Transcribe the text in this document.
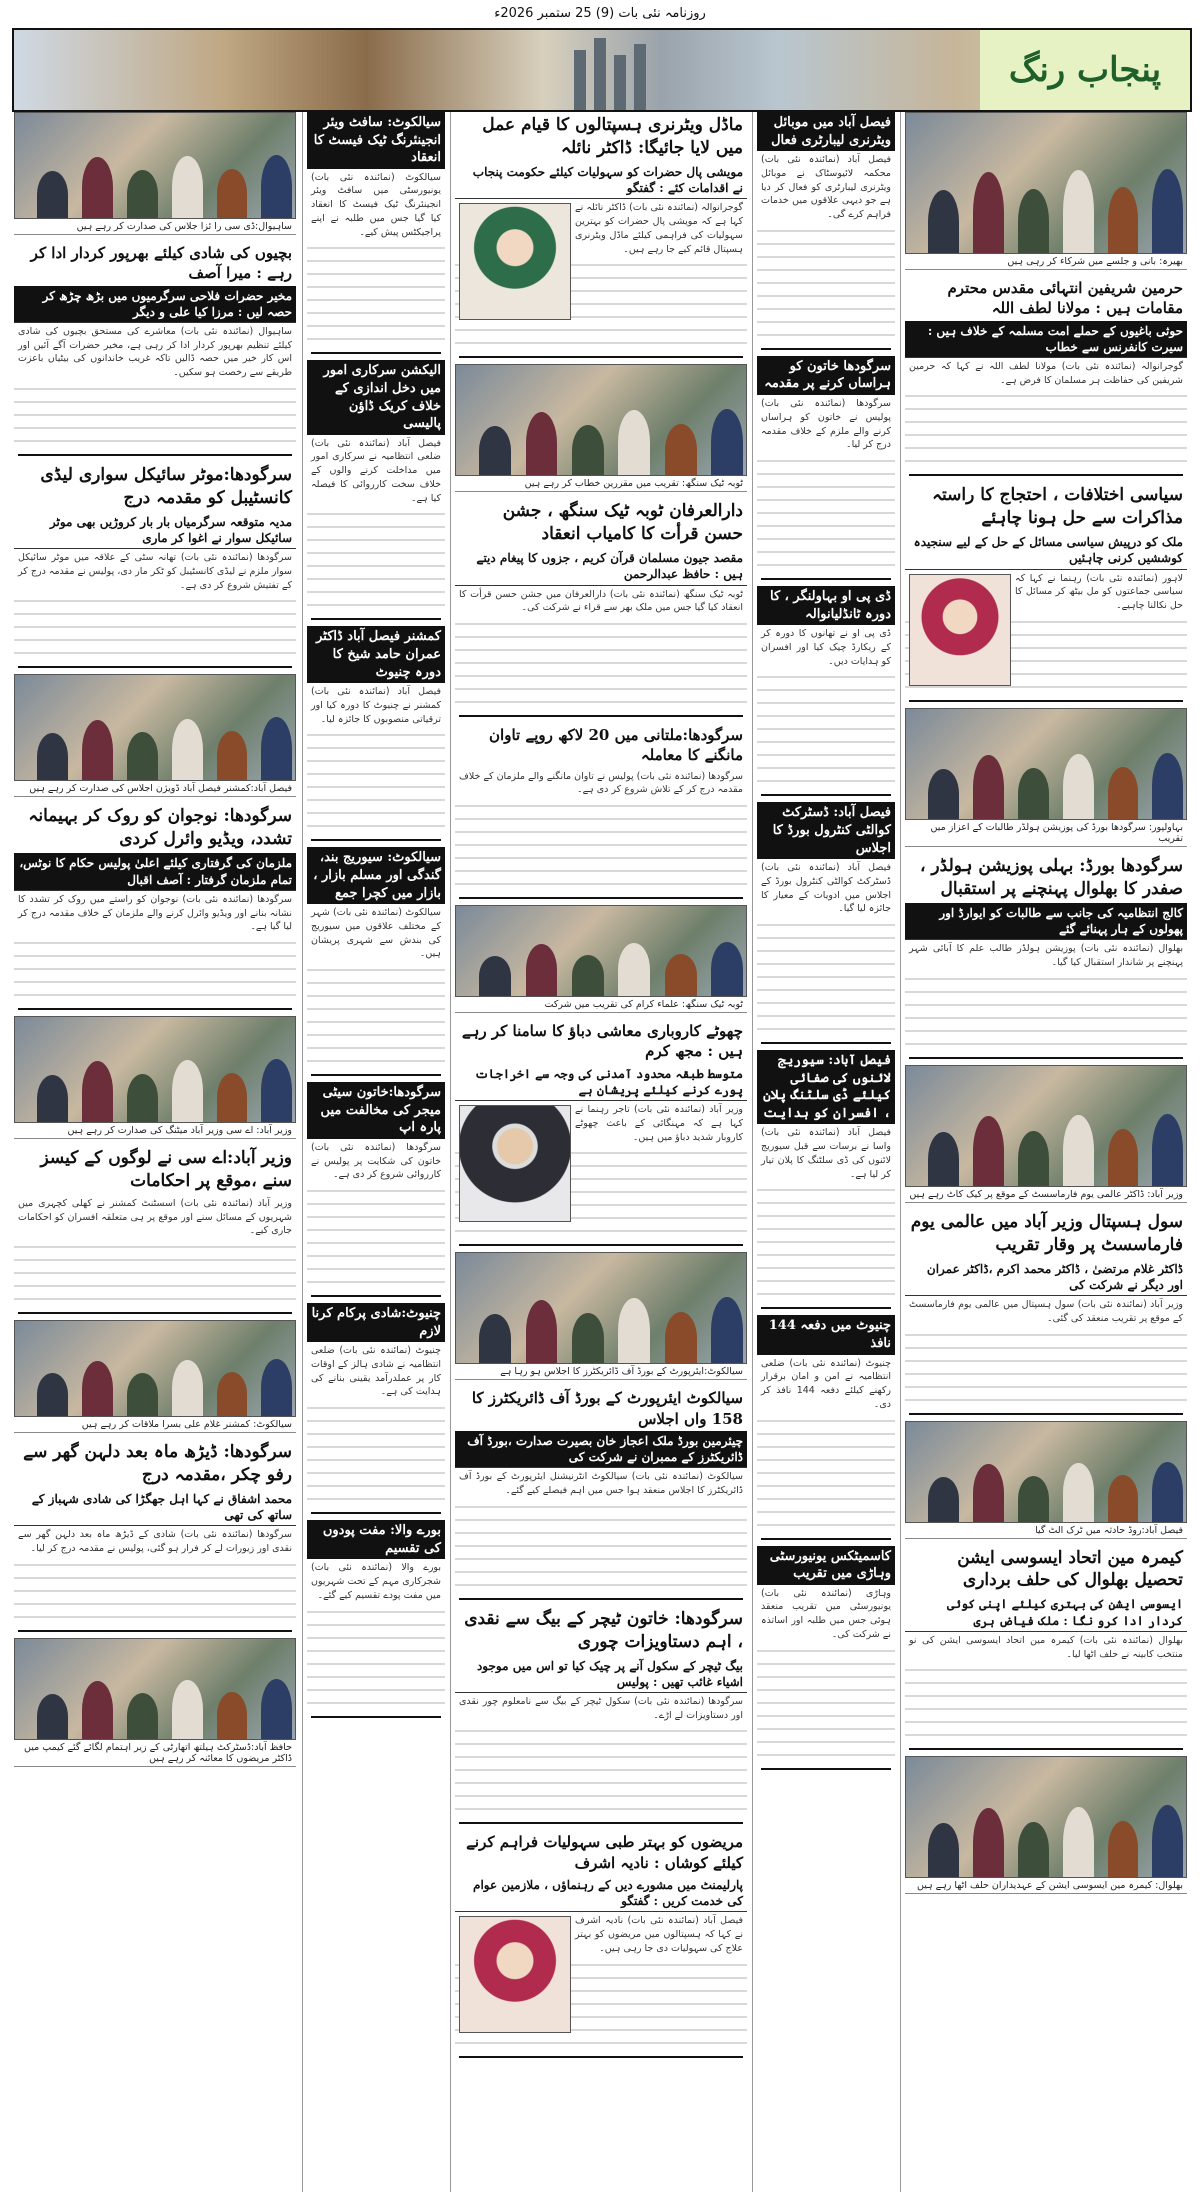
روزنامہ نئی بات (9) 25 ستمبر 2026ء
پنجاب رنگ
ساہیوال:ڈی سی را ئزا جلاس کی صدارت کر رہے ہیں
بچیوں کی شادی کیلئے بھرپور کردار ادا کر رہے : میرا آصف
مخیر حضرات فلاحی سرگرمیوں میں بڑھ چڑھ کر حصہ لیں : مرزا کیا علی و دیگر
ساہیوال (نمائندہ نئی بات) معاشرے کی مستحق بچیوں کی شادی کیلئے تنظیم بھرپور کردار ادا کر رہی ہے، مخیر حضرات آگے آئیں اور اس کار خیر میں حصہ ڈالیں تاکہ غریب خاندانوں کی بیٹیاں باعزت طریقے سے رخصت ہو سکیں۔
سرگودھا:موٹر سائیکل سواری لیڈی کانسٹیبل کو مقدمہ درج
مدیہ متوقعہ سرگرمیاں بار بار کروڑیں بھی موٹر سائیکل سوار نے اغوا کر ماری
سرگودھا (نمائندہ نئی بات) تھانہ سٹی کے علاقہ میں موٹر سائیکل سوار ملزم نے لیڈی کانسٹیبل کو ٹکر مار دی، پولیس نے مقدمہ درج کر کے تفتیش شروع کر دی ہے۔
فیصل آباد:کمشنر فیصل آباد ڈویژن اجلاس کی صدارت کر رہے ہیں
سرگودھا: نوجوان کو روک کر بہیمانہ تشدد، ویڈیو وائرل کردی
ملزمان کی گرفتاری کیلئے اعلیٰ پولیس حکام کا نوٹس، تمام ملزمان گرفتار : آصف اقبال
سرگودھا (نمائندہ نئی بات) نوجوان کو راستے میں روک کر تشدد کا نشانہ بنانے اور ویڈیو وائرل کرنے والے ملزمان کے خلاف مقدمہ درج کر لیا گیا ہے۔
وزیر آباد: اے سی وزیر آباد میٹنگ کی صدارت کر رہے ہیں
وزیر آباد:اے سی نے لوگوں کے کیسز سنے ،موقع پر احکامات
وزیر آباد (نمائندہ نئی بات) اسسٹنٹ کمشنر نے کھلی کچہری میں شہریوں کے مسائل سنے اور موقع پر ہی متعلقہ افسران کو احکامات جاری کیے۔
سیالکوٹ: کمشنر غلام علی بسرا ملاقات کر رہے ہیں
سرگودھا: ڈیڑھ ماہ بعد دلہن گھر سے رفو چکر ،مقدمہ درج
محمد اشفاق نے کہا اہل جھگڑا کی شادی شہباز کے ساتھ کی تھی
سرگودھا (نمائندہ نئی بات) شادی کے ڈیڑھ ماہ بعد دلہن گھر سے نقدی اور زیورات لے کر فرار ہو گئی، پولیس نے مقدمہ درج کر لیا۔
حافظ آباد:ڈسٹرکٹ ہیلتھ اتھارٹی کے زیر اہتمام لگائے گئے کیمپ میں ڈاکٹر مریضوں کا معائنہ کر رہے ہیں
سیالکوٹ: سافٹ ویئر انجینئرنگ ٹیک فیسٹ کا انعقاد
سیالکوٹ (نمائندہ نئی بات) یونیورسٹی میں سافٹ ویئر انجینئرنگ ٹیک فیسٹ کا انعقاد کیا گیا جس میں طلبہ نے اپنے پراجیکٹس پیش کیے۔
الیکشن سرکاری امور میں دخل اندازی کے خلاف کریک ڈاؤن پالیسی
فیصل آباد (نمائندہ نئی بات) ضلعی انتظامیہ نے سرکاری امور میں مداخلت کرنے والوں کے خلاف سخت کارروائی کا فیصلہ کیا ہے۔
کمشنر فیصل آباد ڈاکٹر عمران حامد شیخ کا دورہ چنیوٹ
فیصل آباد (نمائندہ نئی بات) کمشنر نے چنیوٹ کا دورہ کیا اور ترقیاتی منصوبوں کا جائزہ لیا۔
سیالکوٹ: سیوریج بند، گندگی اور مسلم بازار ، بازار میں کچرا جمع
سیالکوٹ (نمائندہ نئی بات) شہر کے مختلف علاقوں میں سیوریج کی بندش سے شہری پریشان ہیں۔
سرگودھا:خاتون سیٹی میجر کی مخالفت میں پارہ اپ
سرگودھا (نمائندہ نئی بات) خاتون کی شکایت پر پولیس نے کارروائی شروع کر دی ہے۔
چنیوٹ:شادی پرکام کرنا لازم
چنیوٹ (نمائندہ نئی بات) ضلعی انتظامیہ نے شادی ہالز کے اوقات کار پر عملدرآمد یقینی بنانے کی ہدایت کی ہے۔
بورے والا: مفت پودوں کی تقسیم
بورے والا (نمائندہ نئی بات) شجرکاری مہم کے تحت شہریوں میں مفت پودے تقسیم کیے گئے۔
ماڈل ویٹرنری ہسپتالوں کا قیام عمل میں لایا جائیگا: ڈاکٹر نائلہ
مویشی پال حضرات کو سہولیات کیلئے حکومت پنجاب نے اقدامات کئے : گفتگو
گوجرانوالہ (نمائندہ نئی بات) ڈاکٹر نائلہ نے کہا ہے کہ مویشی پال حضرات کو بہترین سہولیات کی فراہمی کیلئے ماڈل ویٹرنری ہسپتال قائم کیے جا رہے ہیں۔
ٹوبہ ٹیک سنگھ: تقریب میں مقررین خطاب کر رہے ہیں
دارالعرفان ٹوبہ ٹیک سنگھ ، جشن حسن قرأت کا کامیاب انعقاد
مقصد جیون مسلمان قرآن کریم ، جزوں کا پیغام دیتے ہیں : حافظ عبدالرحمن
ٹوبہ ٹیک سنگھ (نمائندہ نئی بات) دارالعرفان میں جشن حسن قرأت کا انعقاد کیا گیا جس میں ملک بھر سے قراء نے شرکت کی۔
سرگودھا:ملتانی میں 20 لاکھ روپے تاوان مانگنے کا معاملہ
سرگودھا (نمائندہ نئی بات) پولیس نے تاوان مانگنے والے ملزمان کے خلاف مقدمہ درج کر کے تلاش شروع کر دی ہے۔
ٹوبہ ٹیک سنگھ: علماء کرام کی تقریب میں شرکت
چھوٹے کاروباری معاشی دباؤ کا سامنا کر رہے ہیں : مجھ کرم
متوسط طبقہ محدود آمدنی کی وجہ سے اخراجات پورے کرنے کیلئے پریشان ہے
وزیر آباد (نمائندہ نئی بات) تاجر رہنما نے کہا ہے کہ مہنگائی کے باعث چھوٹے کاروبار شدید دباؤ میں ہیں۔
سیالکوٹ:ایئرپورٹ کے بورڈ آف ڈائریکٹرز کا اجلاس ہو رہا ہے
سیالکوٹ ایئرپورٹ کے بورڈ آف ڈائریکٹرز کا 158 واں اجلاس
چیئرمین بورڈ ملک اعجاز خان بصیرت صدارت ،بورڈ آف ڈائریکٹرز کے ممبران نے شرکت کی
سیالکوٹ (نمائندہ نئی بات) سیالکوٹ انٹرنیشنل ایئرپورٹ کے بورڈ آف ڈائریکٹرز کا اجلاس منعقد ہوا جس میں اہم فیصلے کیے گئے۔
سرگودھا: خاتون ٹیچر کے بیگ سے نقدی ، اہم دستاویزات چوری
بیگ ٹیچر کے سکول آنے پر چیک کیا تو اس میں موجود اشیاء غائب تھیں : پولیس
سرگودھا (نمائندہ نئی بات) سکول ٹیچر کے بیگ سے نامعلوم چور نقدی اور دستاویزات لے اڑے۔
مریضوں کو بہتر طبی سہولیات فراہم کرنے کیلئے کوشاں : نادیہ اشرف
پارلیمنٹ میں مشورے دیں کے رہنماؤں ، ملازمین عوام کی خدمت کریں : گفتگو
فیصل آباد (نمائندہ نئی بات) نادیہ اشرف نے کہا کہ ہسپتالوں میں مریضوں کو بہتر علاج کی سہولیات دی جا رہی ہیں۔
فیصل آباد میں موبائل ویٹرنری لیبارٹری فعال
فیصل آباد (نمائندہ نئی بات) محکمہ لائیوسٹاک نے موبائل ویٹرنری لیبارٹری کو فعال کر دیا ہے جو دیہی علاقوں میں خدمات فراہم کرے گی۔
سرگودھا خاتون کو ہراساں کرنے پر مقدمہ
سرگودھا (نمائندہ نئی بات) پولیس نے خاتون کو ہراساں کرنے والے ملزم کے خلاف مقدمہ درج کر لیا۔
ڈی پی او بہاولنگر ، کا دورہ ٹانڈلیانوالہ
ڈی پی او نے تھانوں کا دورہ کر کے ریکارڈ چیک کیا اور افسران کو ہدایات دیں۔
فیصل آباد: ڈسٹرکٹ کوالٹی کنٹرول بورڈ کا اجلاس
فیصل آباد (نمائندہ نئی بات) ڈسٹرکٹ کوالٹی کنٹرول بورڈ کے اجلاس میں ادویات کے معیار کا جائزہ لیا گیا۔
فیصل آباد: سیوریج لائنوں کی صفائی کیلئے ڈی سلٹنگ پلان ، افسران کو ہدایت
فیصل آباد (نمائندہ نئی بات) واسا نے برسات سے قبل سیوریج لائنوں کی ڈی سلٹنگ کا پلان تیار کر لیا ہے۔
چنیوٹ میں دفعہ 144 نافذ
چنیوٹ (نمائندہ نئی بات) ضلعی انتظامیہ نے امن و امان برقرار رکھنے کیلئے دفعہ 144 نافذ کر دی۔
کاسمیٹکس یونیورسٹی وہاڑی میں تقریب
وہاڑی (نمائندہ نئی بات) یونیورسٹی میں تقریب منعقد ہوئی جس میں طلبہ اور اساتذہ نے شرکت کی۔
بھیرہ: بانی و جلسے میں شرکاء کر رہی ہیں
حرمین شریفین انتہائی مقدس محترم مقامات ہیں : مولانا لطف اللہ
حوثی باغیوں کے حملے امت مسلمہ کے خلاف ہیں : سیرت کانفرنس سے خطاب
گوجرانوالہ (نمائندہ نئی بات) مولانا لطف اللہ نے کہا کہ حرمین شریفین کی حفاظت ہر مسلمان کا فرض ہے۔
سیاسی اختلافات ، احتجاج کا راستہ مذاکرات سے حل ہونا چاہئے
ملک کو درپیش سیاسی مسائل کے حل کے لیے سنجیدہ کوششیں کرنی چاہئیں
لاہور (نمائندہ نئی بات) رہنما نے کہا کہ سیاسی جماعتوں کو مل بیٹھ کر مسائل کا حل نکالنا چاہیے۔
بہاولپور: سرگودھا بورڈ کی پوزیشن ہولڈر طالبات کے اعزاز میں تقریب
سرگودھا بورڈ: بہلی پوزیشن ہولڈر ، صفدر کا بھلوال پہنچنے پر استقبال
کالج انتظامیہ کی جانب سے طالبات کو ایوارڈ اور پھولوں کے ہار پہنائے گئے
بھلوال (نمائندہ نئی بات) پوزیشن ہولڈر طالب علم کا آبائی شہر پہنچنے پر شاندار استقبال کیا گیا۔
وزیر آباد: ڈاکٹر عالمی یوم فارماسسٹ کے موقع پر کیک کاٹ رہے ہیں
سول ہسپتال وزیر آباد میں عالمی یوم فارماسسٹ پر وقار تقریب
ڈاکٹر غلام مرتضیٰ ، ڈاکٹر محمد اکرم ،ڈاکٹر عمران اور دیگر نے شرکت کی
وزیر آباد (نمائندہ نئی بات) سول ہسپتال میں عالمی یوم فارماسسٹ کے موقع پر تقریب منعقد کی گئی۔
فیصل آباد:روڈ حادثہ میں ٹرک الٹ گیا
کیمرہ مین اتحاد ایسوسی ایشن تحصیل بھلوال کی حلف برداری
ایسوسی ایشن کی بہتری کیلئے اپنی کوئی کردار ادا کرو نگا : ملک فیاض ہری
بھلوال (نمائندہ نئی بات) کیمرہ مین اتحاد ایسوسی ایشن کی نو منتخب کابینہ نے حلف اٹھا لیا۔
بھلوال: کیمرہ مین ایسوسی ایشن کے عہدیداران حلف اٹھا رہے ہیں
